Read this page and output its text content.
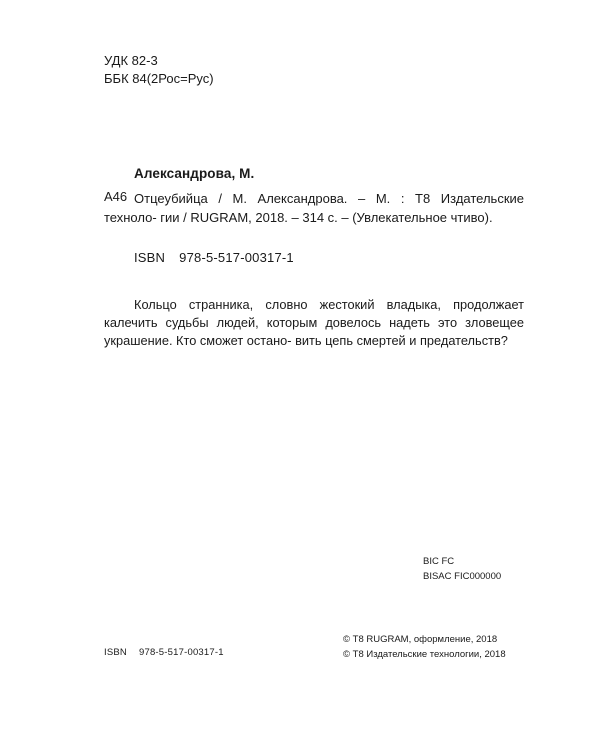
УДК 82-3
ББК 84(2Рос=Рус)
Александрова, М.
А46 Отцеубийца / М. Александрова. – М. : Т8 Издательские техноло- гии / RUGRAM, 2018. – 314 с. – (Увлекательное чтиво).
ISBN 978-5-517-00317-1
Кольцо странника, словно жестокий владыка, продолжает калечить судьбы людей, которым довелось надеть это зловещее украшение. Кто сможет остано- вить цепь смертей и предательств?
BIC FC
BISAC FIC000000
ISBN 978-5-517-00317-1
© Т8 RUGRAM, оформление, 2018
© Т8 Издательские технологии, 2018
